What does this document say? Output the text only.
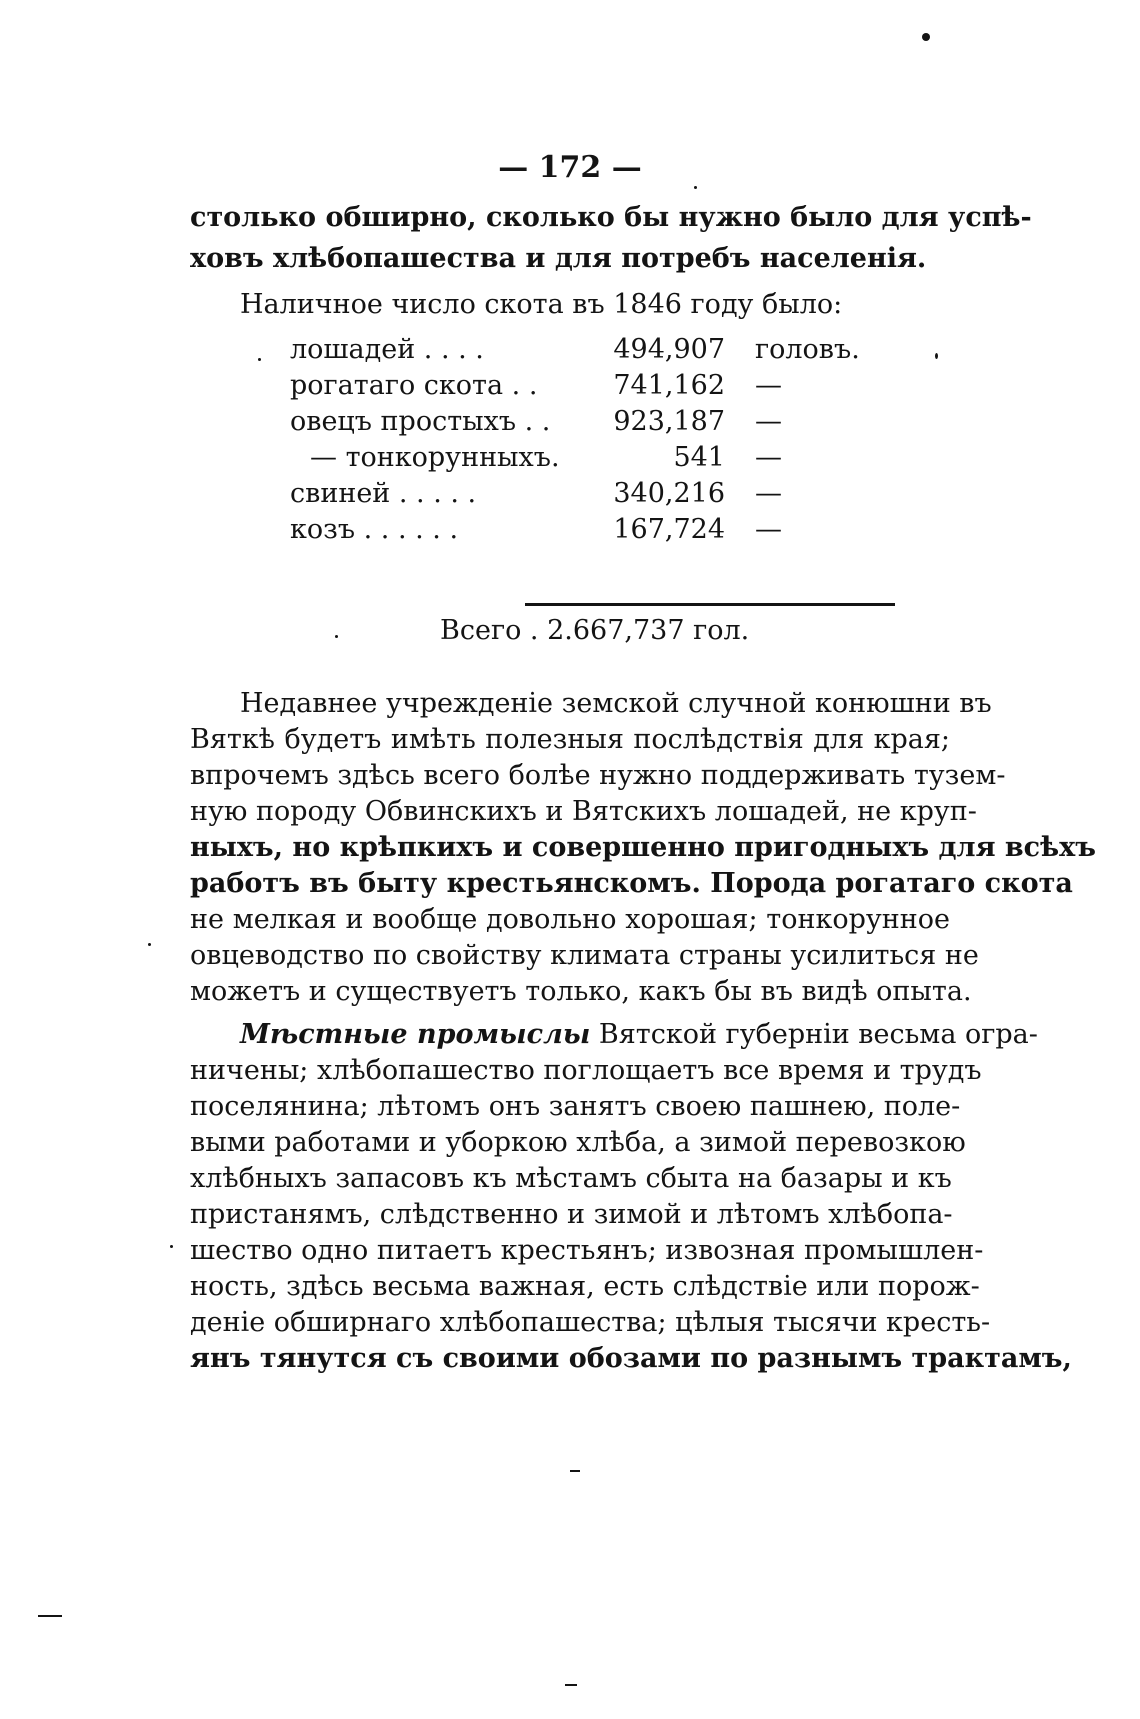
— 172 —
столько обширно, сколько бы нужно было для успѣ-
ховъ хлѣбопашества и для потребъ населенія.
Наличное число скота въ 1846 году было:
лошадей . . . .	494,907 головъ.
рогатаго скота . .	741,162 —
овецъ простыхъ . . 923,187 —
— тонкорунныхъ.	541 —
свиней . . . . .	340,216 —
козъ . . . . . .	167,724 —
Всего . 2.667,737 гол.
Недавнее учрежденіе земской случной конюшни въ
Вяткѣ будетъ имѣть полезныя послѣдствія для края;
впрочемъ здѣсь всего болѣе нужно поддерживать тузем-
ную породу Обвинскихъ и Вятскихъ лошадей, не круп-
ныхъ, но крѣпкихъ и совершенно пригодныхъ для всѣхъ
работъ въ быту крестьянскомъ. Порода рогатаго скота
не мелкая и вообще довольно хорошая; тонкорунное
овцеводство по свойству климата страны усилиться не
можетъ и существуетъ только, какъ бы въ видѣ опыта.
Мѣстные промыслы Вятской губерніи весьма огра-
ничены; хлѣбопашество поглощаетъ все время и трудъ
поселянина; лѣтомъ онъ занятъ своею пашнею, поле-
выми работами и уборкою хлѣба, а зимой перевозкою
хлѣбныхъ запасовъ къ мѣстамъ сбыта на базары и къ
пристанямъ, слѣдственно и зимой и лѣтомъ хлѣбопа-
шество одно питаетъ крестьянъ; извозная промышлен-
ность, здѣсь весьма важная, есть слѣдствіе или порож-
деніе обширнаго хлѣбопашества; цѣлыя тысячи кресть-
янъ тянутся съ своими обозами по разнымъ трактамъ,
